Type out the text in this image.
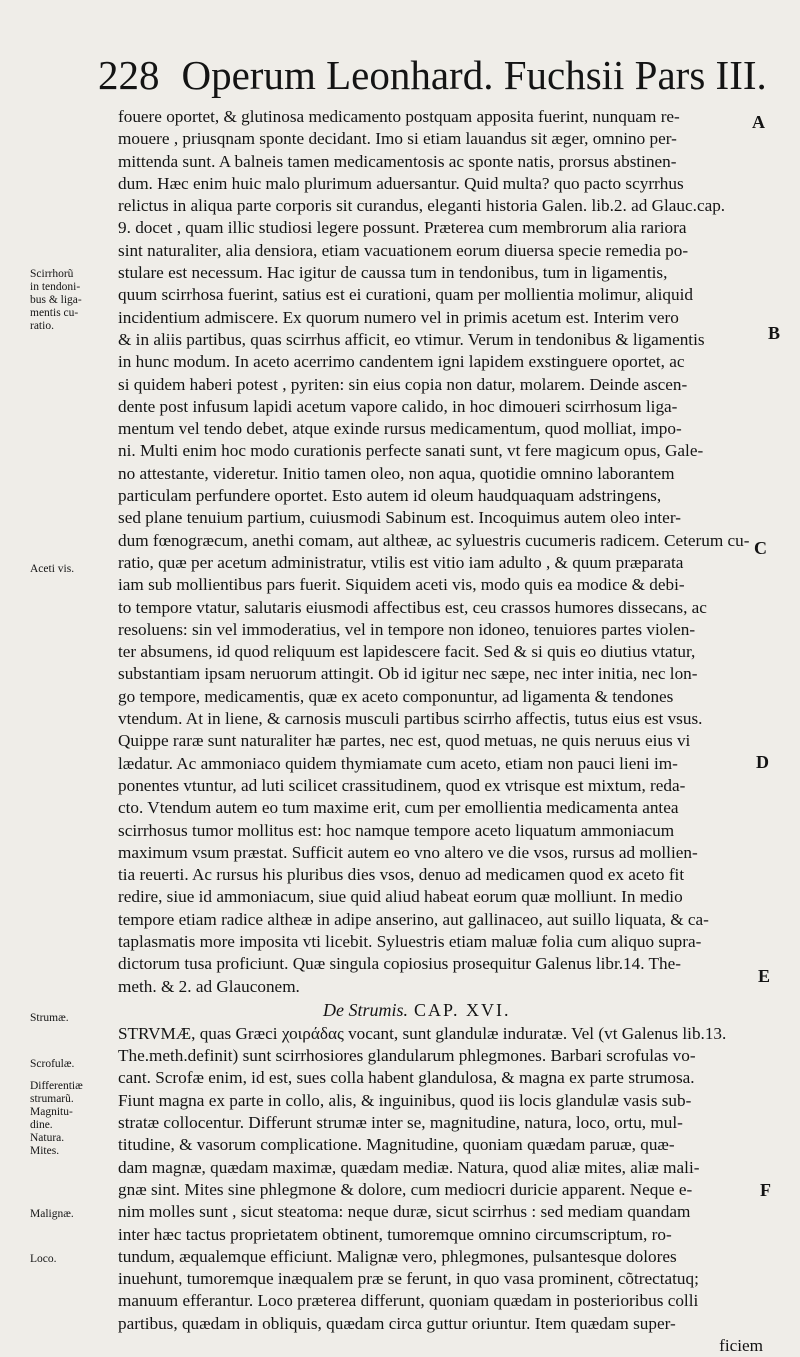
228 Operum Leonhard. Fuchsii Pars III.
fouere oportet, & glutinosa medicamento postquam apposita fuerint, nunquam re-
mouere , priusqnam sponte decidant. Imo si etiam lauandus sit æger, omnino per-
mittenda sunt. A balneis tamen medicamentosis ac sponte natis, prorsus abstinen-
dum. Hæc enim huic malo plurimum aduersantur. Quid multa? quo pacto scyrrhus
relictus in aliqua parte corporis sit curandus, eleganti historia Galen. lib.2. ad Glauc.cap.
9. docet , quam illic studiosi legere possunt. Præterea cum membrorum alia rariora
sint naturaliter, alia densiora, etiam vacuationem eorum diuersa specie remedia po-
stulare est necessum. Hac igitur de caussa tum in tendonibus, tum in ligamentis,
quum scirrhosa fuerint, satius est ei curationi, quam per mollientia molimur, aliquid
incidentium admiscere. Ex quorum numero vel in primis acetum est. Interim vero
& in aliis partibus, quas scirrhus afficit, eo vtimur. Verum in tendonibus & ligamentis
in hunc modum. In aceto acerrimo candentem igni lapidem exstinguere oportet, ac
si quidem haberi potest , pyriten: sin eius copia non datur, molarem. Deinde ascen-
dente post infusum lapidi acetum vapore calido, in hoc dimoueri scirrhosum liga-
mentum vel tendo debet, atque exinde rursus medicamentum, quod molliat, impo-
ni. Multi enim hoc modo curationis perfecte sanati sunt, vt fere magicum opus, Gale-
no attestante, videretur. Initio tamen oleo, non aqua, quotidie omnino laborantem
particulam perfundere oportet. Esto autem id oleum haudquaquam adstringens,
sed plane tenuium partium, cuiusmodi Sabinum est. Incoquimus autem oleo inter-
dum fœnogræcum, anethi comam, aut altheæ, ac syluestris cucumeris radicem. Ceterum cu-
ratio, quæ per acetum administratur, vtilis est vitio iam adulto , & quum præparata
iam sub mollientibus pars fuerit. Siquidem aceti vis, modo quis ea modice & debi-
to tempore vtatur, salutaris eiusmodi affectibus est, ceu crassos humores dissecans, ac
resoluens: sin vel immoderatius, vel in tempore non idoneo, tenuiores partes violen-
ter absumens, id quod reliquum est lapidescere facit. Sed & si quis eo diutius vtatur,
substantiam ipsam neruorum attingit. Ob id igitur nec sæpe, nec inter initia, nec lon-
go tempore, medicamentis, quæ ex aceto componuntur, ad ligamenta & tendones
vtendum. At in liene, & carnosis musculi partibus scirrho affectis, tutus eius est vsus.
Quippe raræ sunt naturaliter hæ partes, nec est, quod metuas, ne quis neruus eius vi
lædatur. Ac ammoniaco quidem thymiamate cum aceto, etiam non pauci lieni im-
ponentes vtuntur, ad luti scilicet crassitudinem, quod ex vtrisque est mixtum, reda-
cto. Vtendum autem eo tum maxime erit, cum per emollientia medicamenta antea
scirrhosus tumor mollitus est: hoc namque tempore aceto liquatum ammoniacum
maximum vsum præstat. Sufficit autem eo vno altero ve die vsos, rursus ad mollien-
tia reuerti. Ac rursus his pluribus dies vsos, denuo ad medicamen quod ex aceto fit
redire, siue id ammoniacum, siue quid aliud habeat eorum quæ molliunt. In medio
tempore etiam radice altheæ in adipe anserino, aut gallinaceo, aut suillo liquata, & ca-
taplasmatis more imposita vti licebit. Syluestris etiam maluæ folia cum aliquo supra-
dictorum tusa proficiunt. Quæ singula copiosius prosequitur Galenus libr.14. The-
meth. & 2. ad Glauconem.
De Strumis. CAP. XVI.
STRVMÆ, quas Græci χοιράδας vocant, sunt glandulæ induratæ. Vel (vt Galenus lib.13.
The.meth.definit) sunt scirrhosiores glandularum phlegmones. Barbari scrofulas vo-
cant. Scrofæ enim, id est, sues colla habent glandulosa, & magna ex parte strumosa.
Fiunt magna ex parte in collo, alis, & inguinibus, quod iis locis glandulæ vasis sub-
stratæ collocentur. Differunt strumæ inter se, magnitudine, natura, loco, ortu, mul-
titudine, & vasorum complicatione. Magnitudine, quoniam quædam paruæ, quæ-
dam magnæ, quædam maximæ, quædam mediæ. Natura, quod aliæ mites, aliæ mali-
gnæ sint. Mites sine phlegmone & dolore, cum mediocri duricie apparent. Neque e-
nim molles sunt , sicut steatoma: neque duræ, sicut scirrhus : sed mediam quandam
inter hæc tactus proprietatem obtinent, tumoremque omnino circumscriptum, ro-
tundum, æqualemque efficiunt. Malignæ vero, phlegmones, pulsantesque dolores
inuehunt, tumoremque inæqualem præ se ferunt, in quo vasa prominent, cõtrectatuq;
manuum efferantur. Loco præterea differunt, quoniam quædam in posterioribus colli
partibus, quædam in obliquis, quædam circa guttur oriuntur. Item quædam super-
ficiem
Scirrhorũ
in tendoni-
bus & liga-
mentis cu-
ratio.
Aceti vis.
Strumæ.
Scrofulæ.
Differentiæ
strumarũ.
Magnitu-
dine.
Natura.
Mites.
Malignæ.
Loco.
A
B
C
D
E
F
